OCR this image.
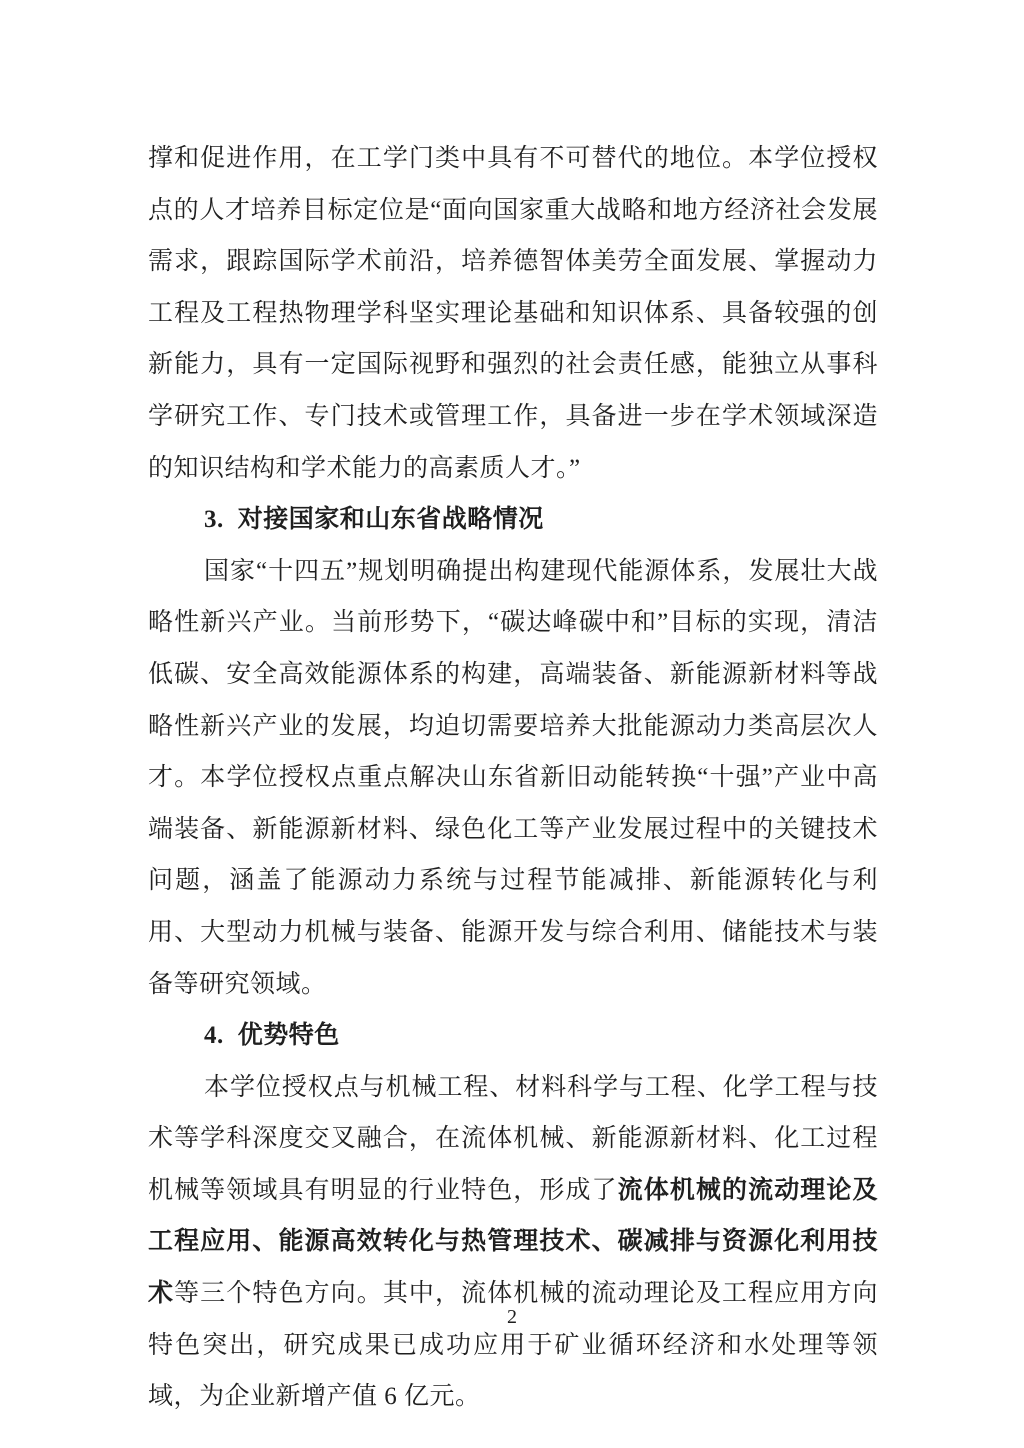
撑和促进作用，在工学门类中具有不可替代的地位。本学位授权点的人才培养目标定位是“面向国家重大战略和地方经济社会发展需求，跟踪国际学术前沿，培养德智体美劳全面发展、掌握动力工程及工程热物理学科坚实理论基础和知识体系、具备较强的创新能力，具有一定国际视野和强烈的社会责任感，能独立从事科学研究工作、专门技术或管理工作，具备进一步在学术领域深造的知识结构和学术能力的高素质人才。”

3. 对接国家和山东省战略情况

国家“十四五”规划明确提出构建现代能源体系，发展壮大战略性新兴产业。当前形势下，“碳达峰碳中和”目标的实现，清洁低碳、安全高效能源体系的构建，高端装备、新能源新材料等战略性新兴产业的发展，均迫切需要培养大批能源动力类高层次人才。本学位授权点重点解决山东省新旧动能转换“十强”产业中高端装备、新能源新材料、绿色化工等产业发展过程中的关键技术问题，涵盖了能源动力系统与过程节能减排、新能源转化与利用、大型动力机械与装备、能源开发与综合利用、储能技术与装备等研究领域。

4. 优势特色

本学位授权点与机械工程、材料科学与工程、化学工程与技术等学科深度交叉融合，在流体机械、新能源新材料、化工过程机械等领域具有明显的行业特色，形成了流体机械的流动理论及工程应用、能源高效转化与热管理技术、碳减排与资源化利用技术等三个特色方向。其中，流体机械的流动理论及工程应用方向特色突出，研究成果已成功应用于矿业循环经济和水处理等领域，为企业新增产值 6 亿元。

2
